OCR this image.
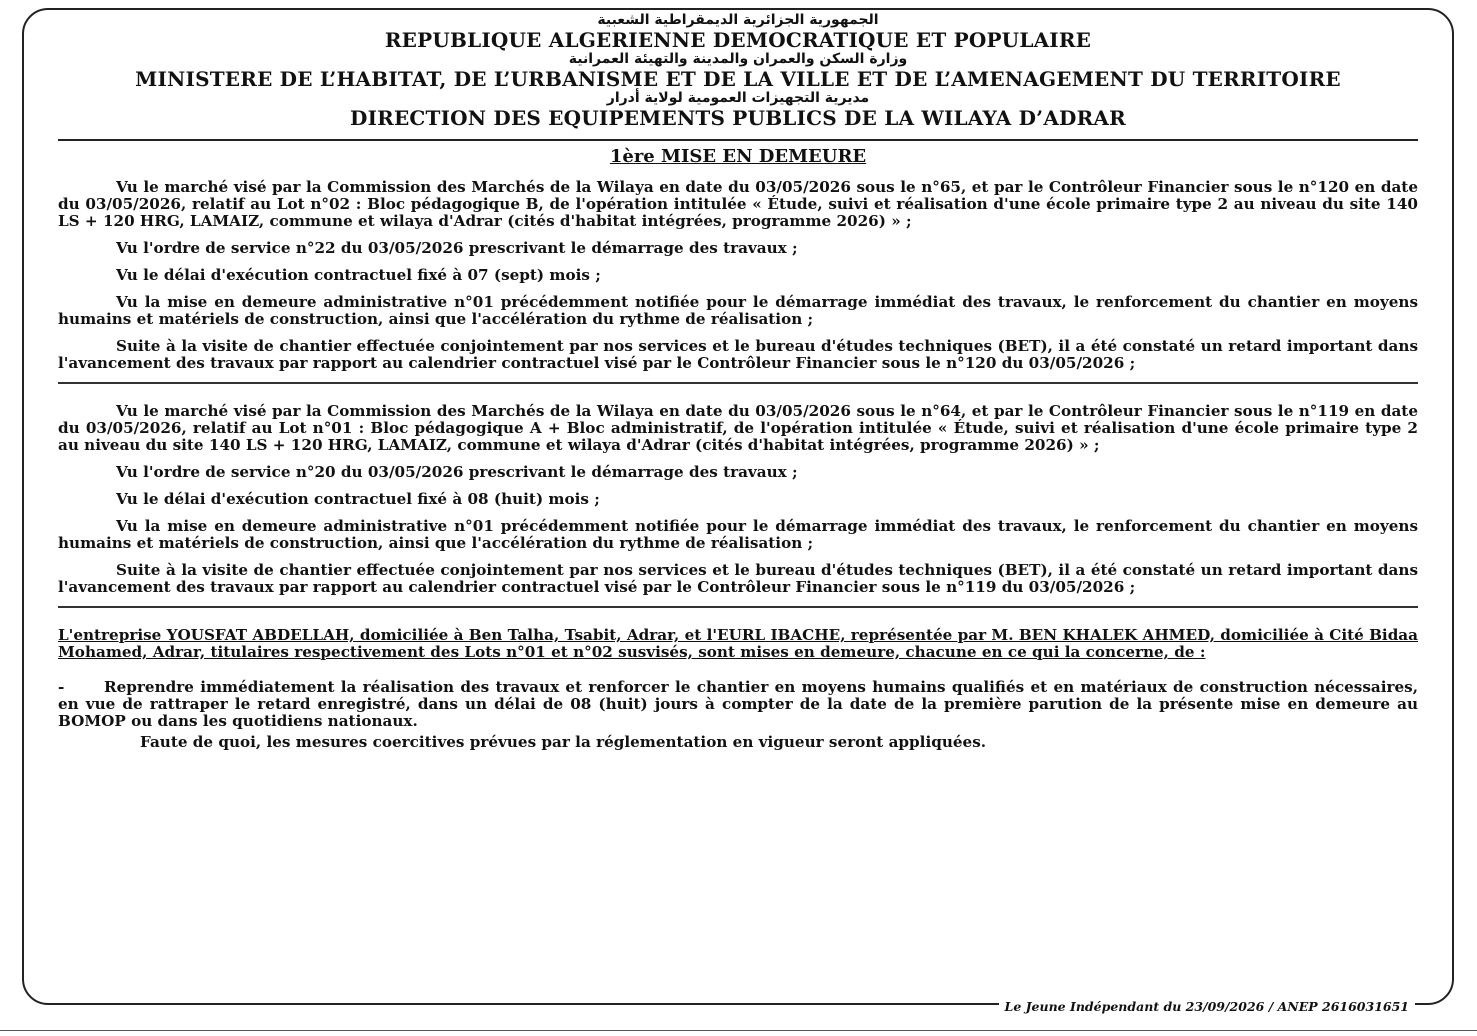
الجمهورية الجزائرية الديمقراطية الشعبية
REPUBLIQUE ALGERIENNE DEMOCRATIQUE ET POPULAIRE
وزارة السكن والعمران والمدينة والتهيئة العمرانية
MINISTERE DE L’HABITAT, DE L’URBANISME ET DE LA VILLE ET DE L’AMENAGEMENT DU TERRITOIRE
مديرية التجهيزات العمومية لولاية أدرار
DIRECTION DES EQUIPEMENTS PUBLICS DE LA WILAYA D’ADRAR
1ère MISE EN DEMEURE

Vu le marché visé par la Commission des Marchés de la Wilaya en date du 03/05/2026 sous le n°65, et par le Contrôleur Financier sous le n°120 en date du 03/05/2026, relatif au Lot n°02 : Bloc pédagogique B, de l'opération intitulée « Étude, suivi et réalisation d'une école primaire type 2 au niveau du site 140 LS + 120 HRG, LAMAIZ, commune et wilaya d'Adrar (cités d'habitat intégrées, programme 2026) » ;

Vu l'ordre de service n°22 du 03/05/2026 prescrivant le démarrage des travaux ;

Vu le délai d'exécution contractuel fixé à 07 (sept) mois ;

Vu la mise en demeure administrative n°01 précédemment notifiée pour le démarrage immédiat des travaux, le renforcement du chantier en moyens humains et matériels de construction, ainsi que l'accélération du rythme de réalisation ;

Suite à la visite de chantier effectuée conjointement par nos services et le bureau d'études techniques (BET), il a été constaté un retard important dans l'avancement des travaux par rapport au calendrier contractuel visé par le Contrôleur Financier sous le n°120 du 03/05/2026 ;

Vu le marché visé par la Commission des Marchés de la Wilaya en date du 03/05/2026 sous le n°64, et par le Contrôleur Financier sous le n°119 en date du 03/05/2026, relatif au Lot n°01 : Bloc pédagogique A + Bloc administratif, de l'opération intitulée « Étude, suivi et réalisation d'une école primaire type 2 au niveau du site 140 LS + 120 HRG, LAMAIZ, commune et wilaya d'Adrar (cités d'habitat intégrées, programme 2026) » ;

Vu l'ordre de service n°20 du 03/05/2026 prescrivant le démarrage des travaux ;

Vu le délai d'exécution contractuel fixé à 08 (huit) mois ;

Vu la mise en demeure administrative n°01 précédemment notifiée pour le démarrage immédiat des travaux, le renforcement du chantier en moyens humains et matériels de construction, ainsi que l'accélération du rythme de réalisation ;

Suite à la visite de chantier effectuée conjointement par nos services et le bureau d'études techniques (BET), il a été constaté un retard important dans l'avancement des travaux par rapport au calendrier contractuel visé par le Contrôleur Financier sous le n°119 du 03/05/2026 ;

L'entreprise YOUSFAT ABDELLAH, domiciliée à Ben Talha, Tsabit, Adrar, et l'EURL IBACHE, représentée par M. BEN KHALEK AHMED, domiciliée à Cité Bidaa Mohamed, Adrar, titulaires respectivement des Lots n°01 et n°02 susvisés, sont mises en demeure, chacune en ce qui la concerne, de :

-	Reprendre immédiatement la réalisation des travaux et renforcer le chantier en moyens humains qualifiés et en matériaux de construction nécessaires, en vue de rattraper le retard enregistré, dans un délai de 08 (huit) jours à compter de la date de la première parution de la présente mise en demeure au BOMOP ou dans les quotidiens nationaux.

Faute de quoi, les mesures coercitives prévues par la réglementation en vigueur seront appliquées.

Le Jeune Indépendant du 23/09/2026 / ANEP 2616031651
